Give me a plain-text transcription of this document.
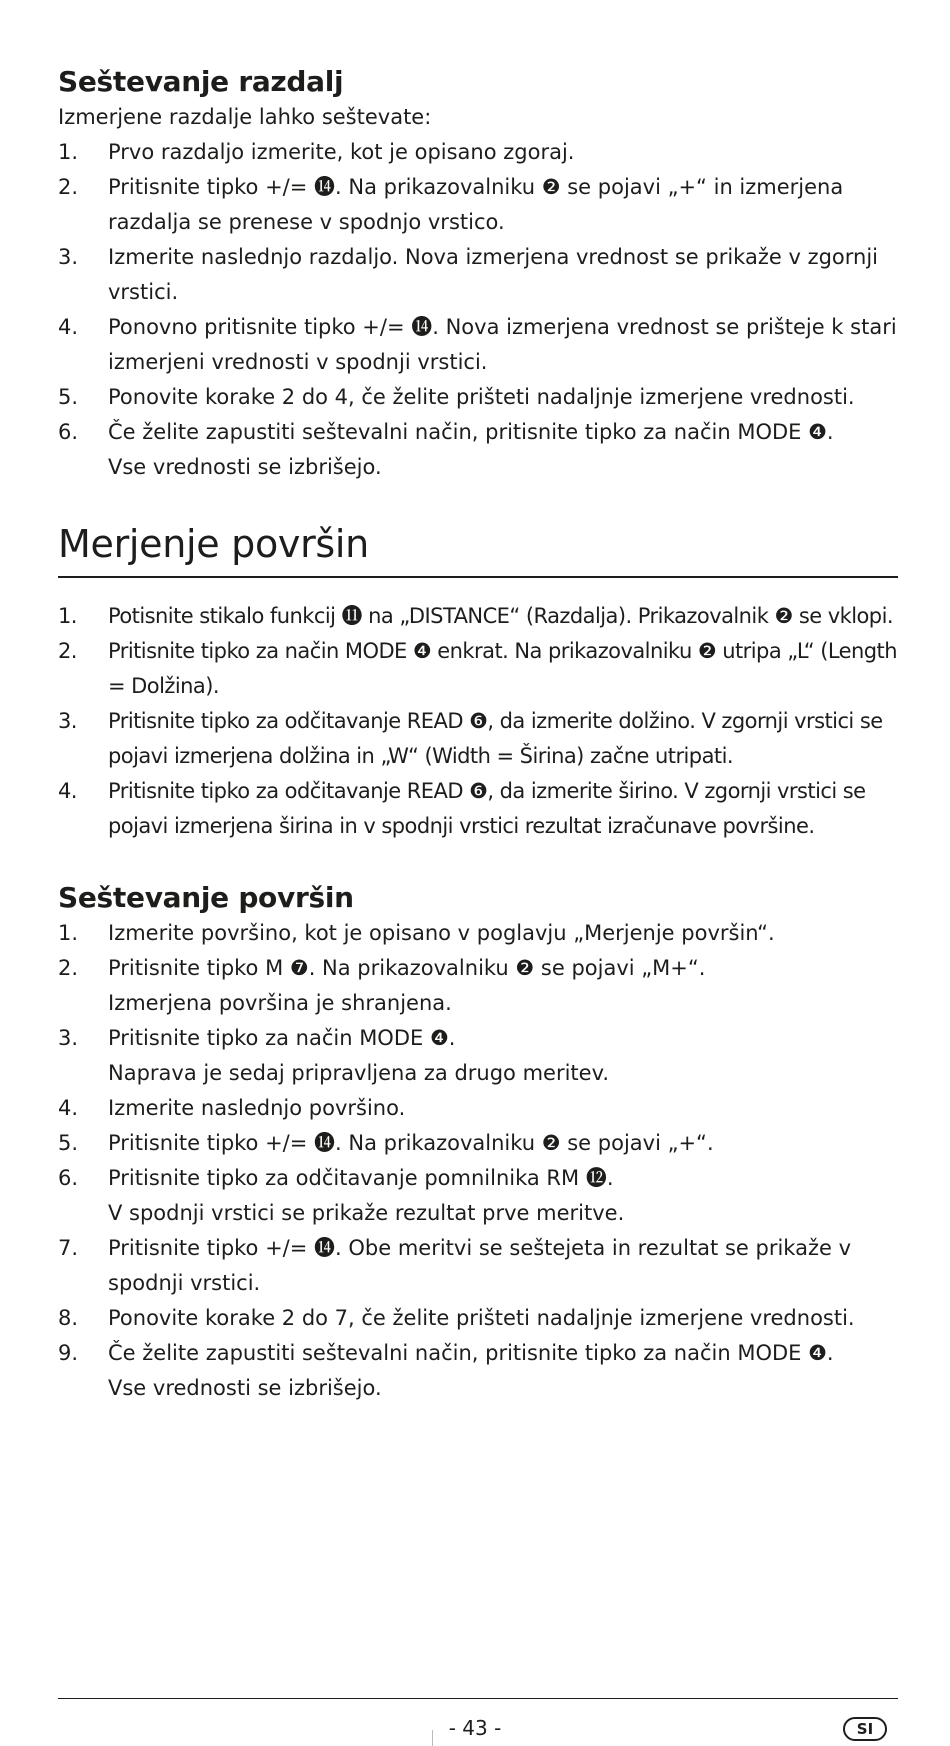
Seštevanje razdalj

Izmerjene razdalje lahko seštevate:

1.	Prvo razdaljo izmerite, kot je opisano zgoraj.
2.	Pritisnite tipko +/= ⓮. Na prikazovalniku ❷ se pojavi „+“ in izmerjena razdalja se prenese v spodnjo vrstico.
3.	Izmerite naslednjo razdaljo. Nova izmerjena vrednost se prikaže v zgornji vrstici.
4.	Ponovno pritisnite tipko +/= ⓮. Nova izmerjena vrednost se prišteje k stari izmerjeni vrednosti v spodnji vrstici.
5.	Ponovite korake 2 do 4, če želite prišteti nadaljnje izmerjene vrednosti.
6.	Če želite zapustiti seštevalni način, pritisnite tipko za način MODE ❹.
Vse vrednosti se izbrišejo.
Merjenje površin
1.	Potisnite stikalo funkcij ⓫ na „DISTANCE“ (Razdalja). Prikazovalnik ❷ se vklopi.
2.	Pritisnite tipko za način MODE ❹ enkrat. Na prikazovalniku ❷ utripa „L“ (Length = Dolžina).
3.	Pritisnite tipko za odčitavanje READ ❻, da izmerite dolžino. V zgornji vrstici se pojavi izmerjena dolžina in „W“ (Width = Širina) začne utripati.
4.	Pritisnite tipko za odčitavanje READ ❻, da izmerite širino. V zgornji vrstici se pojavi izmerjena širina in v spodnji vrstici rezultat izračunave površine.
Seštevanje površin
1.	Izmerite površino, kot je opisano v poglavju „Merjenje površin“.
2.	Pritisnite tipko M ❼. Na prikazovalniku ❷ se pojavi „M+“.
Izmerjena površina je shranjena.
3.	Pritisnite tipko za način MODE ❹.
Naprava je sedaj pripravljena za drugo meritev.
4.	Izmerite naslednjo površino.
5.	Pritisnite tipko +/= ⓮. Na prikazovalniku ❷ se pojavi „+“.
6.	Pritisnite tipko za odčitavanje pomnilnika RM ⓬.
V spodnji vrstici se prikaže rezultat prve meritve.
7.	Pritisnite tipko +/= ⓮. Obe meritvi se seštejeta in rezultat se prikaže v spodnji vrstici.
8.	Ponovite korake 2 do 7, če želite prišteti nadaljnje izmerjene vrednosti.
9.	Če želite zapustiti seštevalni način, pritisnite tipko za način MODE ❹.
Vse vrednosti se izbrišejo.
- 43 -	SI
